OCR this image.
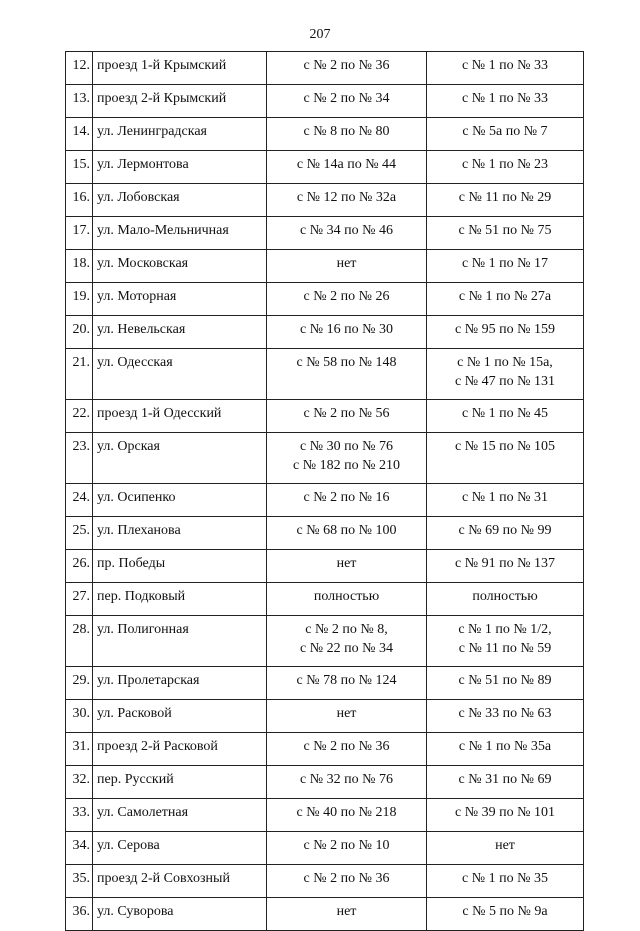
207
12.	проезд 1-й Крымский	с № 2 по № 36	с № 1 по № 33

13.	проезд 2-й Крымский	с № 2 по № 34	с № 1 по № 33

14.	ул. Ленинградская	с № 8 по № 80	с № 5а по № 7

15.	ул. Лермонтова	с № 14а по № 44	с № 1 по № 23

16.	ул. Лобовская	с № 12 по № 32а	с № 11 по № 29

17.	ул. Мало-Мельничная	с № 34 по № 46	с № 51 по № 75

18.	ул. Московская	нет	с № 1 по № 17

19.	ул. Моторная	с № 2 по № 26	с № 1 по № 27а

20.	ул. Невельская	с № 16 по № 30	с № 95 по № 159

21.	ул. Одесская	с № 58 по № 148	с № 1 по № 15а,
с № 47 по № 131

22.	проезд 1-й Одесский	с № 2 по № 56	с № 1 по № 45

23.	ул. Орская	с № 30 по № 76
с № 182 по № 210	с № 15 по № 105

24.	ул. Осипенко	с № 2 по № 16	с № 1 по № 31

25.	ул. Плеханова	с № 68 по № 100	с № 69 по № 99

26.	пр. Победы	нет	с № 91 по № 137

27.	пер. Подковый	полностью	полностью

28.	ул. Полигонная	с № 2 по № 8,
с № 22 по № 34	с № 1 по № 1/2,
с № 11 по № 59

29.	ул. Пролетарская	с № 78 по № 124	с № 51 по № 89

30.	ул. Расковой	нет	с № 33 по № 63

31.	проезд 2-й Расковой	с № 2 по № 36	с № 1 по № 35а

32.	пер. Русский	с № 32 по № 76	с № 31 по № 69

33.	ул. Самолетная	с № 40 по № 218	с № 39 по № 101

34.	ул. Серова	с № 2 по № 10	нет

35.	проезд 2-й Совхозный	с № 2 по № 36	с № 1 по № 35

36.	ул. Суворова	нет	с № 5 по № 9а
